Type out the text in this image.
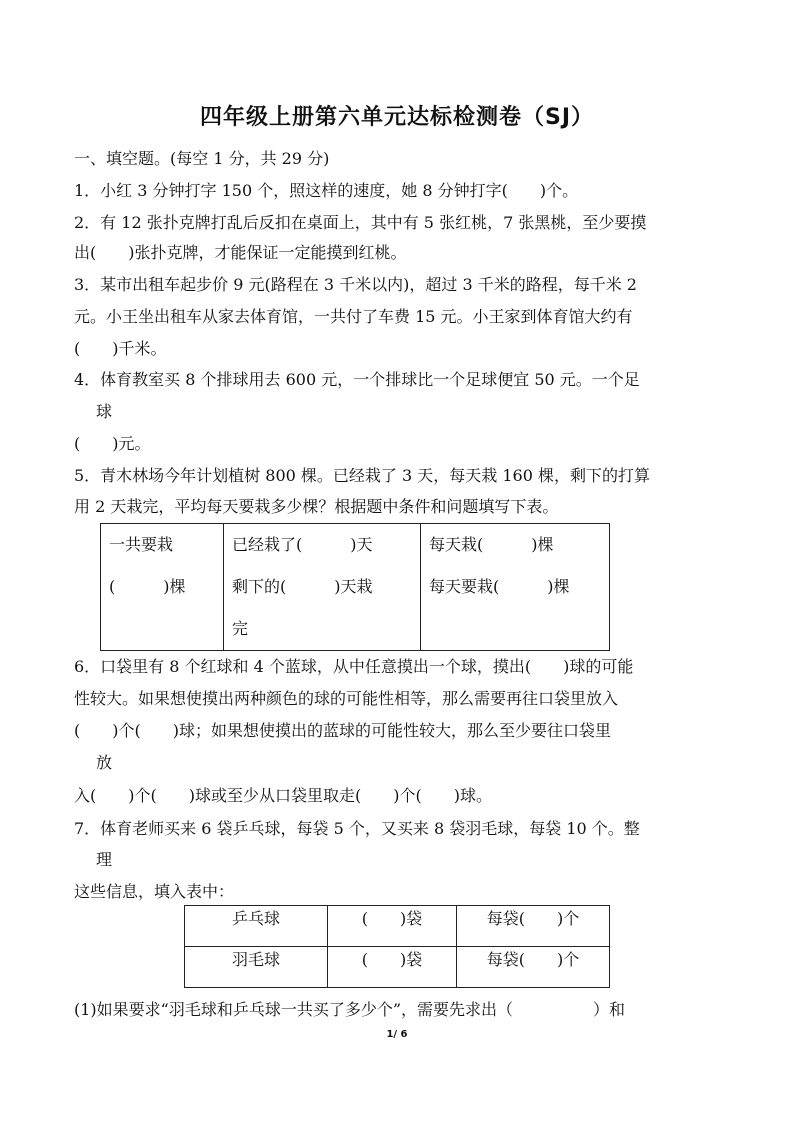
四年级上册第六单元达标检测卷（SJ）
一、填空题。(每空 1 分，共 29 分)
1．小红 3 分钟打字 150 个，照这样的速度，她 8 分钟打字(　　)个。
2．有 12 张扑克牌打乱后反扣在桌面上，其中有 5 张红桃，7 张黑桃，至少要摸
出(　　)张扑克牌，才能保证一定能摸到红桃。
3．某市出租车起步价 9 元(路程在 3 千米以内)，超过 3 千米的路程，每千米 2
元。小王坐出租车从家去体育馆，一共付了车费 15 元。小王家到体育馆大约有
(　　)千米。
4．体育教室买 8 个排球用去 600 元，一个排球比一个足球便宜 50 元。一个足
球
(　　)元。
5．青木林场今年计划植树 800 棵。已经栽了 3 天，每天栽 160 棵，剩下的打算
用 2 天栽完，平均每天要栽多少棵？根据题中条件和问题填写下表。
一共要栽
(　　　)棵

已经栽了(　　　)天
剩下的(　　　)天栽
完

每天栽(　　　)棵
每天要栽(　　　)棵
6．口袋里有 8 个红球和 4 个蓝球，从中任意摸出一个球，摸出(　　)球的可能
性较大。如果想使摸出两种颜色的球的可能性相等，那么需要再往口袋里放入
(　　)个(　　)球；如果想使摸出的蓝球的可能性较大，那么至少要往口袋里
放
入(　　)个(　　)球或至少从口袋里取走(　　)个(　　)球。
7．体育老师买来 6 袋乒乓球，每袋 5 个，又买来 8 袋羽毛球，每袋 10 个。整
理
这些信息，填入表中：
乒乓球	(　　)袋	每袋(　　)个
羽毛球	(　　)袋	每袋(　　)个
(1)如果要求“羽毛球和乒乓球一共买了多少个”，需要先求出（　　　　　）和
1/ 6
